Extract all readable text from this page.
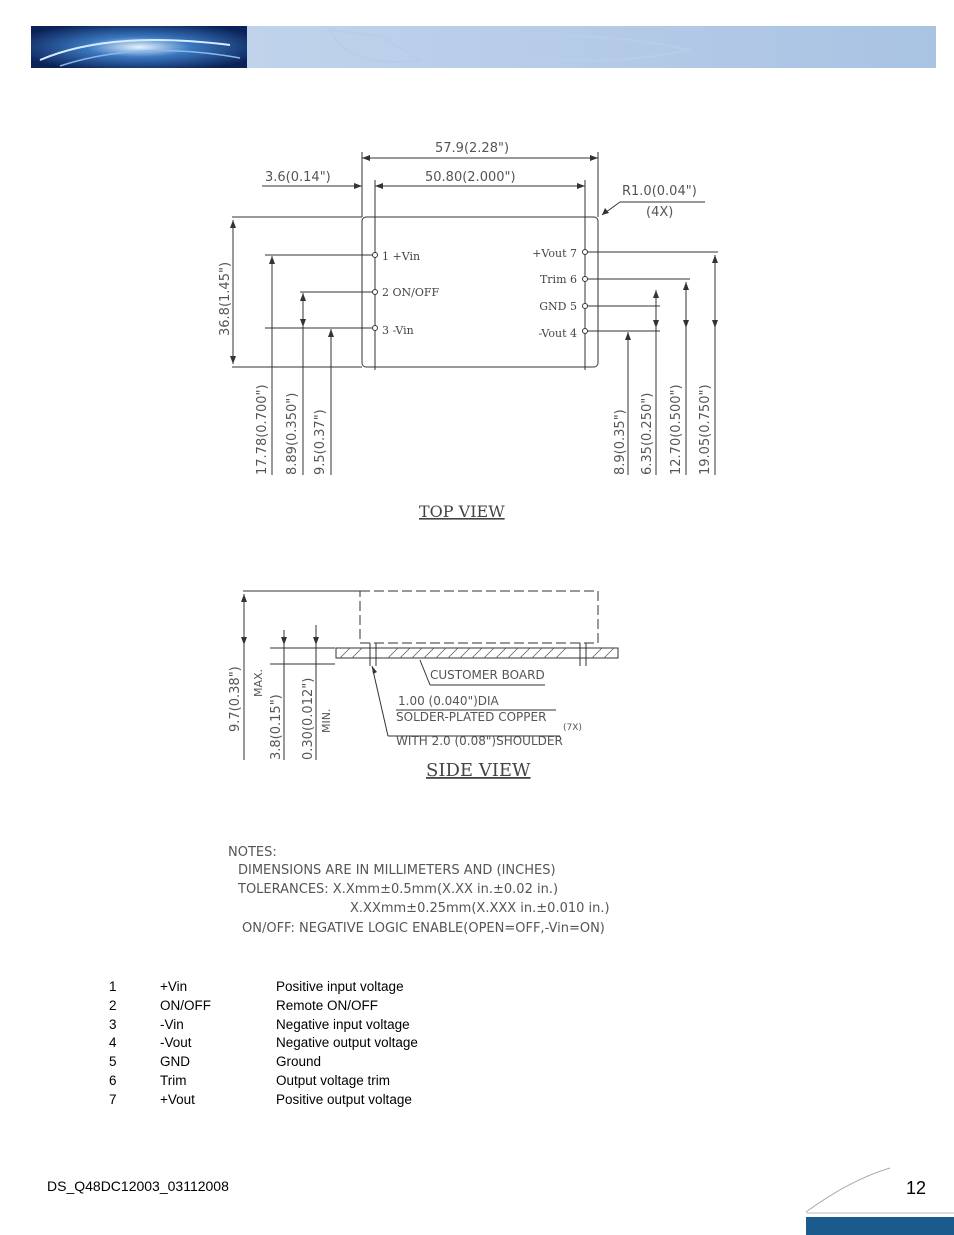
57.9(2.28")
50.80(2.000")
3.6(0.14")
R1.0(0.04")
(4X)
36.8(1.45")
1 +Vin
2 ON/OFF
3 -Vin
+Vout 7
Trim 6
GND 5
-Vout 4
17.78(0.700") 8.89(0.350") 9.5(0.37")	8.9(0.35") 6.35(0.250") 12.70(0.500") 19.05(0.750")
TOP VIEW
9.7(0.38") MAX.
3.8(0.15") 0.30(0.012") MIN.
CUSTOMER BOARD
1.00 (0.040")DIA
SOLDER-PLATED COPPER
(7X)
WITH 2.0 (0.08")SHOULDER
SIDE VIEW
NOTES:
DIMENSIONS ARE IN MILLIMETERS AND (INCHES)
TOLERANCES: X.Xmm±0.5mm(X.XX in.±0.02 in.)
X.XXmm±0.25mm(X.XXX in.±0.010 in.)
ON/OFF: NEGATIVE LOGIC ENABLE(OPEN=OFF,-Vin=ON)
1	+Vin	Positive input voltage
2	ON/OFF	Remote ON/OFF
3	-Vin	Negative input voltage
4	-Vout	Negative output voltage
5	GND	Ground
6	Trim	Output voltage trim
7	+Vout	Positive output voltage
DS_Q48DC12003_03112008	12
